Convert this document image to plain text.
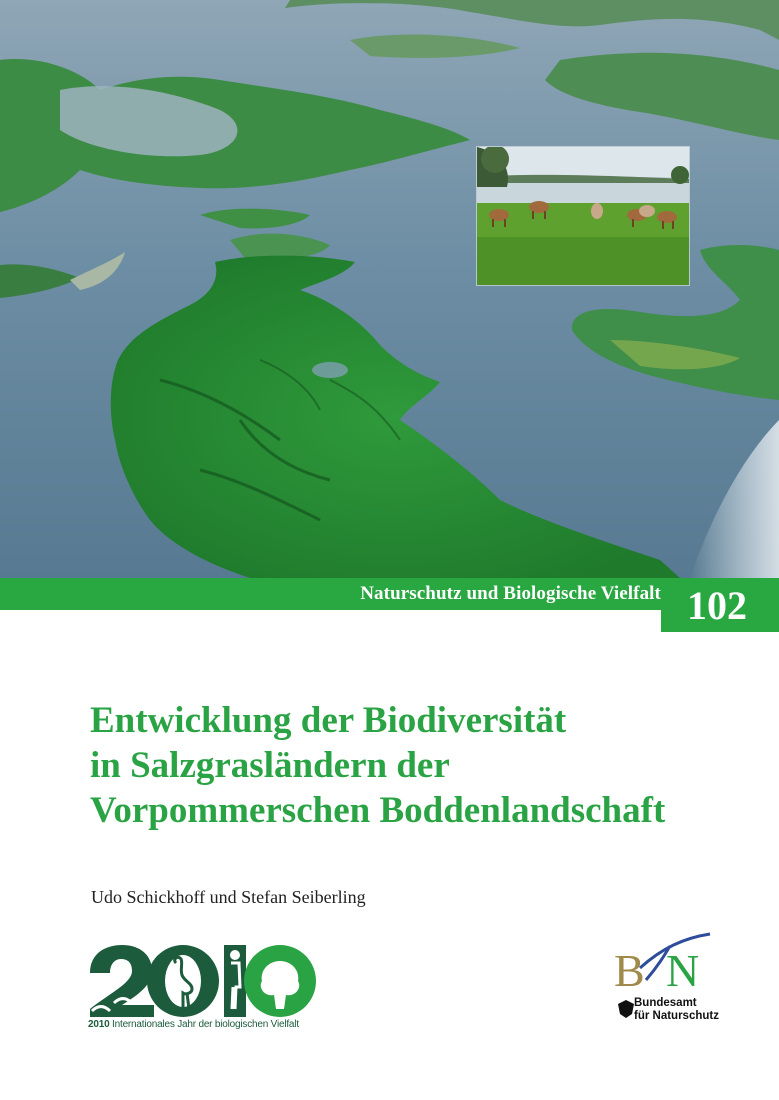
Naturschutz und Biologische Vielfalt 102
Entwicklung der Biodiversität
in Salzgrasländern der
Vorpommerschen Boddenlandschaft
Udo Schickhoff und Stefan Seiberling
2010 Internationales Jahr der biologischen Vielfalt
B N
Bundesamt
für Naturschutz
